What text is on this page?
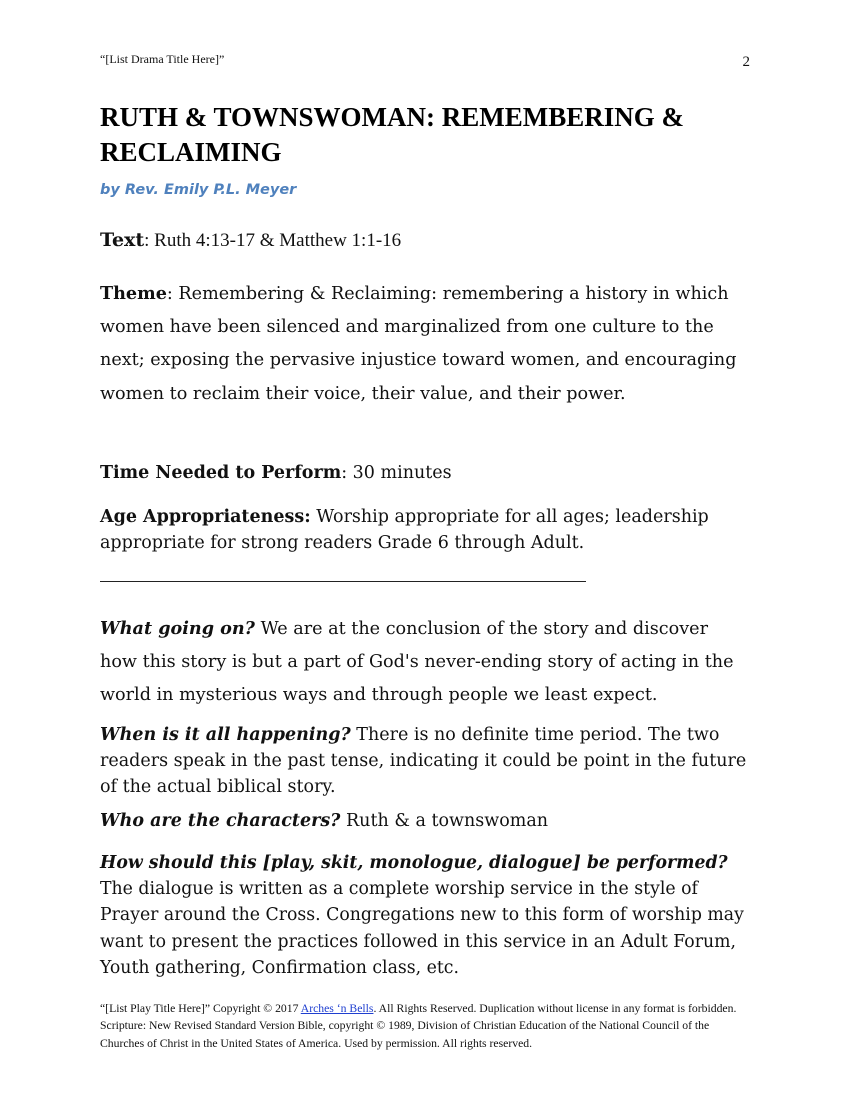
“[List Drama Title Here]”	2
RUTH & TOWNSWOMAN: REMEMBERING & RECLAIMING

by Rev. Emily P.L. Meyer

Text: Ruth 4:13-17 & Matthew 1:1-16

Theme: Remembering & Reclaiming: remembering a history in which women have been silenced and marginalized from one culture to the next; exposing the pervasive injustice toward women, and encouraging women to reclaim their voice, their value, and their power.

Time Needed to Perform: 30 minutes

Age Appropriateness: Worship appropriate for all ages; leadership appropriate for strong readers Grade 6 through Adult.

What going on? We are at the conclusion of the story and discover how this story is but a part of God's never-ending story of acting in the world in mysterious ways and through people we least expect.

When is it all happening? There is no definite time period. The two readers speak in the past tense, indicating it could be point in the future of the actual biblical story.

Who are the characters? Ruth & a townswoman

How should this [play, skit, monologue, dialogue] be performed?
The dialogue is written as a complete worship service in the style of Prayer around the Cross. Congregations new to this form of worship may want to present the practices followed in this service in an Adult Forum, Youth gathering, Confirmation class, etc.

“[List Play Title Here]” Copyright © 2017 Arches ‘n Bells. All Rights Reserved. Duplication without license in any format is forbidden. Scripture: New Revised Standard Version Bible, copyright © 1989, Division of Christian Education of the National Council of the Churches of Christ in the United States of America. Used by permission. All rights reserved.
